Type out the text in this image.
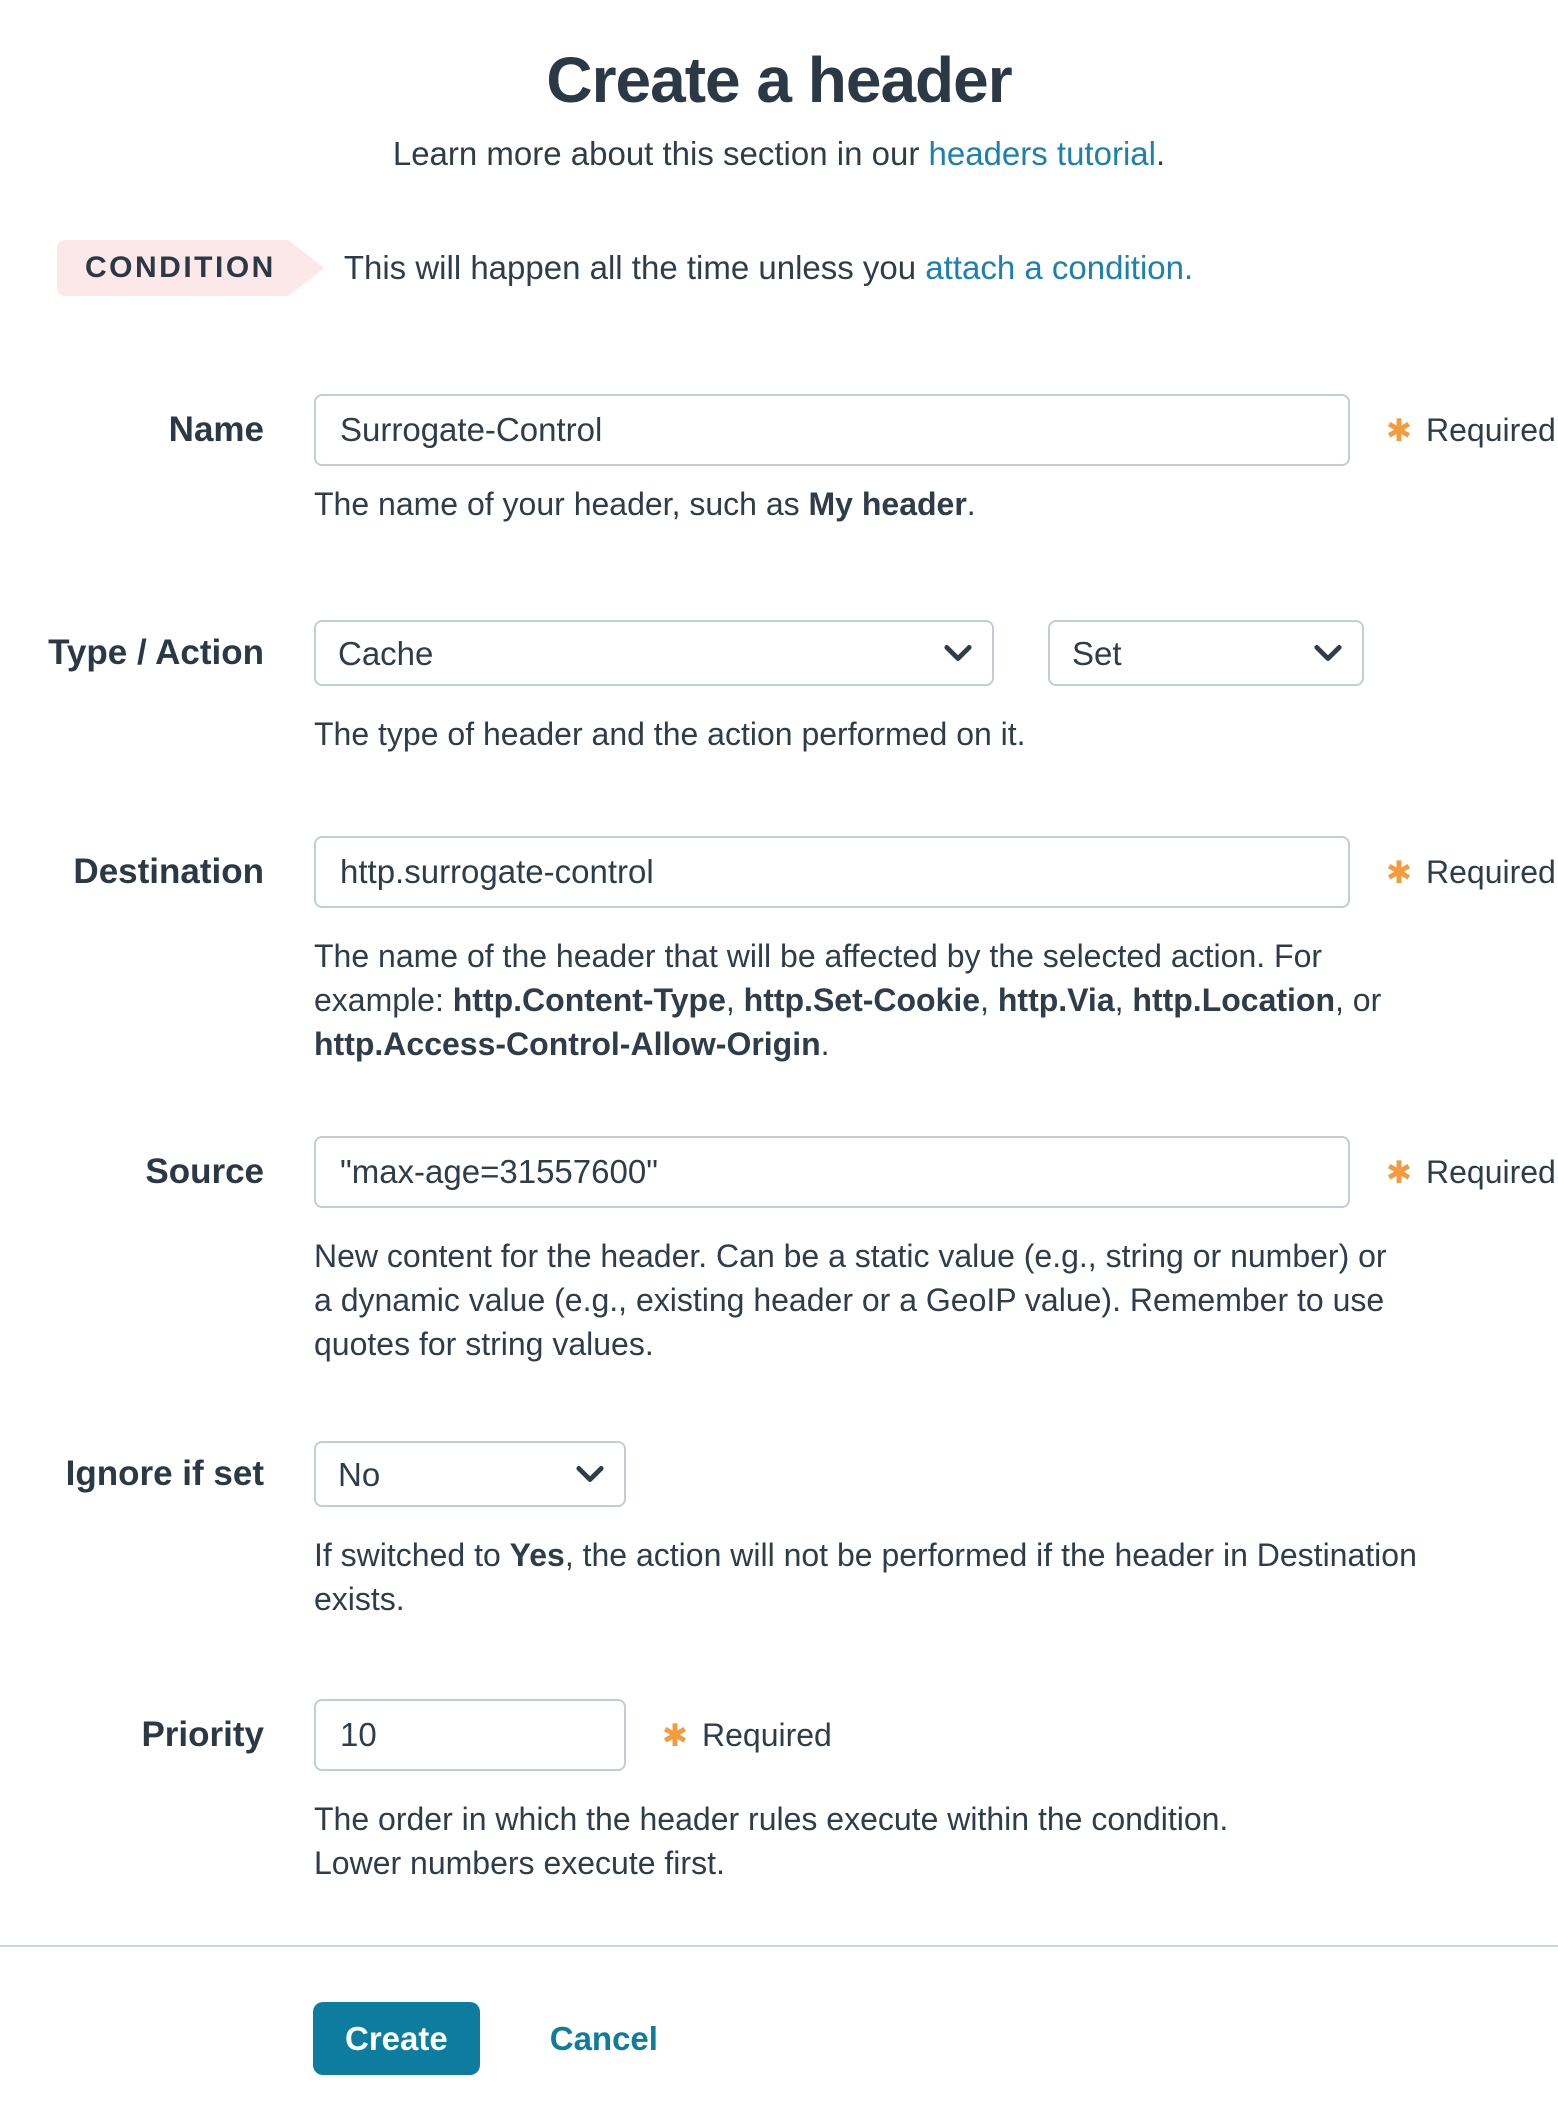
Create a header

Learn more about this section in our headers tutorial.

CONDITION This will happen all the time unless you attach a condition.

Name
Surrogate-Control	✱ Required
The name of your header, such as My header.
Type / Action
Cache
Set
The type of header and the action performed on it.
Destination
http.surrogate-control	✱ Required
The name of the header that will be affected by the selected action. For example: http.Content-Type, http.Set-Cookie, http.Via, http.Location, or http.Access-Control-Allow-Origin.
Source
"max-age=31557600"	✱ Required
New content for the header. Can be a static value (e.g., string or number) or a dynamic value (e.g., existing header or a GeoIP value). Remember to use quotes for string values.
Ignore if set
No
If switched to Yes, the action will not be performed if the header in Destination exists.
Priority
10	✱ Required
The order in which the header rules execute within the condition. Lower numbers execute first.
Create	Cancel
